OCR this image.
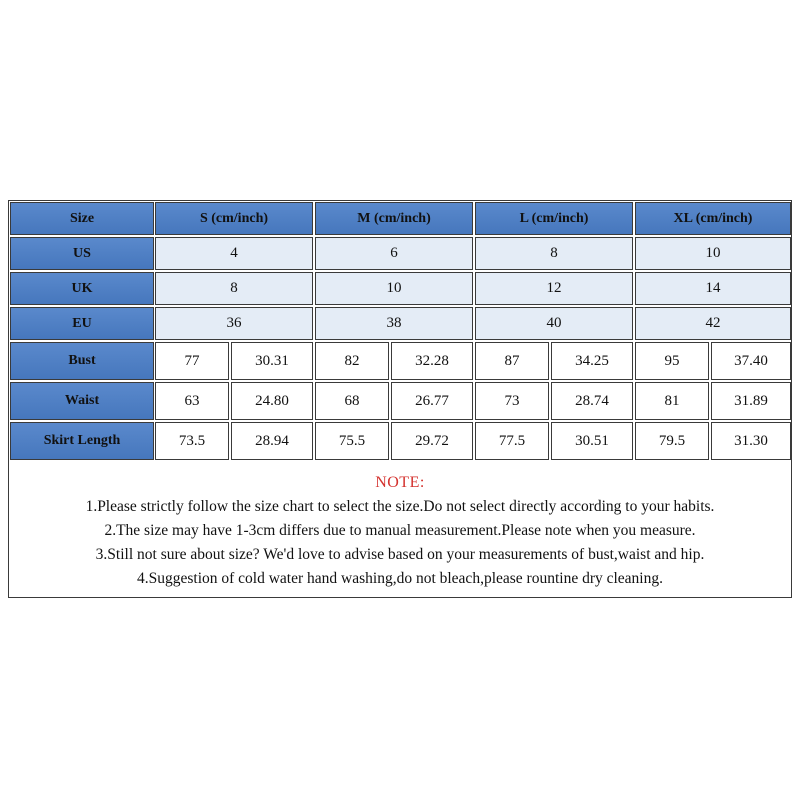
Size	S (cm/inch)	M (cm/inch)	L (cm/inch)	XL (cm/inch)
US	4	6	8	10
UK	8	10	12	14
EU	36	38	40	42
Bust	77	30.31	82	32.28	87	34.25	95	37.40
Waist	63	24.80	68	26.77	73	28.74	81	31.89
Skirt Length	73.5	28.94	75.5	29.72	77.5	30.51	79.5	31.30
NOTE:
1.Please strictly follow the size chart to select the size.Do not select directly according to your habits.
2.The size may have 1-3cm differs due to manual measurement.Please note when you measure.
3.Still not sure about size? We'd love to advise based on your measurements of bust,waist and hip.
4.Suggestion of cold water hand washing,do not bleach,please rountine dry cleaning.
